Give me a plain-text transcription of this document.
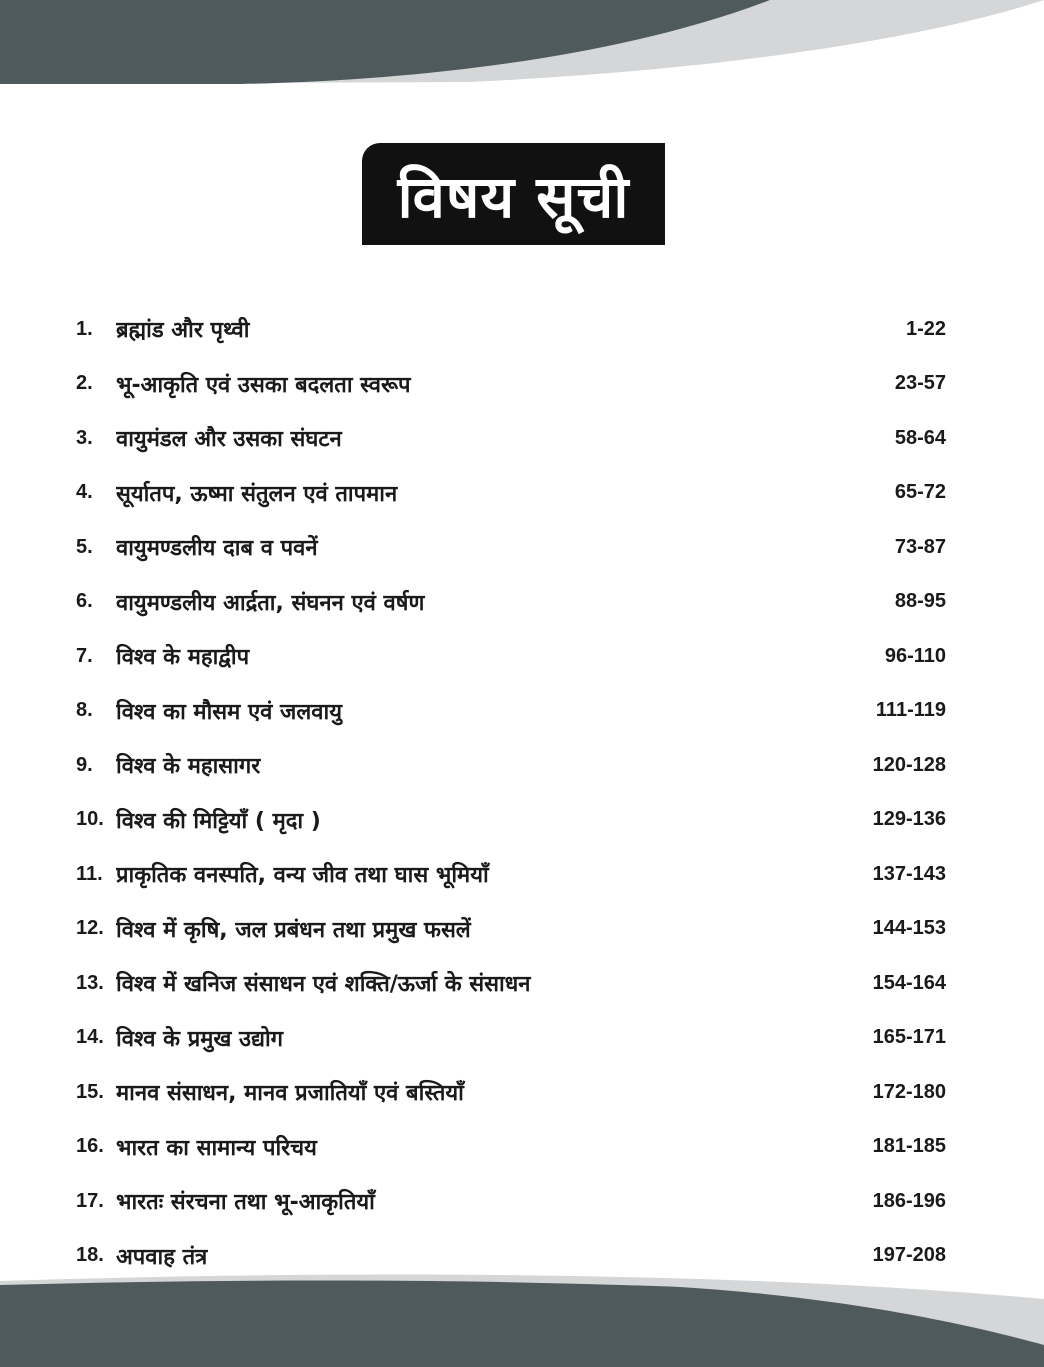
विषय सूची
1.	ब्रह्मांड और पृथ्वी	1-22
2.	भू-आकृति एवं उसका बदलता स्वरूप	23-57
3.	वायुमंडल और उसका संघटन	58-64
4.	सूर्यातप, ऊष्मा संतुलन एवं तापमान	65-72
5.	वायुमण्डलीय दाब व पवनें	73-87
6.	वायुमण्डलीय आर्द्रता, संघनन एवं वर्षण	88-95
7.	विश्व के महाद्वीप	96-110
8.	विश्व का मौसम एवं जलवायु	111-119
9.	विश्व के महासागर	120-128
10. विश्व की मिट्टियाँ ( मृदा )	129-136
11. प्राकृतिक वनस्पति, वन्य जीव तथा घास भूमियाँ	137-143
12. विश्व में कृषि, जल प्रबंधन तथा प्रमुख फसलें	144-153
13. विश्व में खनिज संसाधन एवं शक्ति/ऊर्जा के संसाधन	154-164
14. विश्व के प्रमुख उद्योग	165-171
15. मानव संसाधन, मानव प्रजातियाँ एवं बस्तियाँ	172-180
16. भारत का सामान्य परिचय	181-185
17. भारतः संरचना तथा भू-आकृतियाँ	186-196
18. अपवाह तंत्र	197-208
